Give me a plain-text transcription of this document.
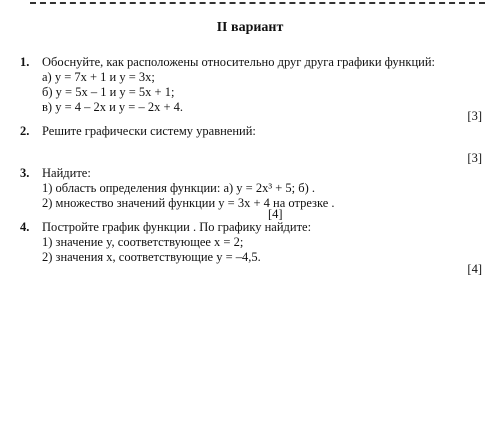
II вариант
1.	Обоснуйте, как расположены относительно друг друга графики функций:
а) y = 7x + 1 и y = 3x;
б) y = 5x – 1 и y = 5x + 1;
в) y = 4 – 2x и y = – 2x + 4.
[3]
2.	Решите графически систему уравнений:
[3]
3.	Найдите:
1) область определения функции: а) y = 2x³ + 5; б) .
2) множество значений функции y = 3x + 4 на отрезке .
[4]
4.	Постройте график функции . По графику найдите:
1) значение y, соответствующее x = 2;
2) значения x, соответствующие y = –4,5.
[4]
